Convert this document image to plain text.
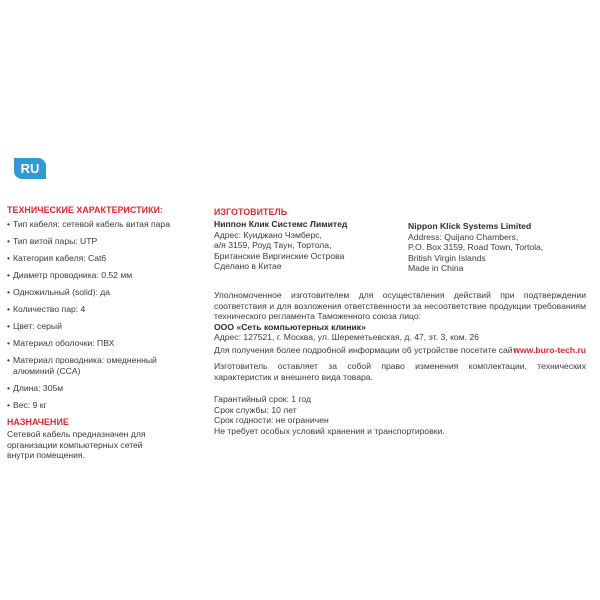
RU
ТЕХНИЧЕСКИЕ ХАРАКТЕРИСТИКИ:
• Тип кабеля: сетевой кабель витая пара
• Тип витой пары: UTP
• Категория кабеля: Cat6
• Диаметр проводника: 0.52 мм
• Одножильный (solid): да
• Количество пар: 4
• Цвет: серый
• Материал оболочки: ПВХ
• Материал проводника: омедненный алюминий (CCA)
• Длина: 305м
• Вес: 9 кг
НАЗНАЧЕНИЕ

Сетевой кабель предназначен для

организации компьютерных сетей

внутри помещения.

ИЗГОТОВИТЕЛЬ
Ниппон Клик Системс Лимитед
Адрес: Куиджано Чэмберс,
а/я 3159, Роуд Таун, Тортола,
Британские Виргинские Острова
Сделано в Китае
Nippon Klick Systems Limited
Address: Quijano Chambers,
P.O. Box 3159, Road Town, Tortola,
British Virgin Islands
Made in China

Уполномоченное изготовителем для осуществления действий при подтверждении соответствия и для возложения ответственности за несоответствие продукции требованиям технического регламента Таможенного союза лицо:

ООО «Сеть компьютерных клиник»

Адрес: 127521, г. Москва, ул. Шереметьевская, д. 47, эт. 3, ком. 26

Для получения более подробной информации об устройстве посетите сайт:
www.buro-tech.ru

Изготовитель оставляет за собой право изменения комплектации, технических характеристик и внешнего вида товара.

Гарантийный срок: 1 год

Срок службы: 10 лет

Срок годности: не ограничен

Не требует особых условий хранения и транспортировки.
